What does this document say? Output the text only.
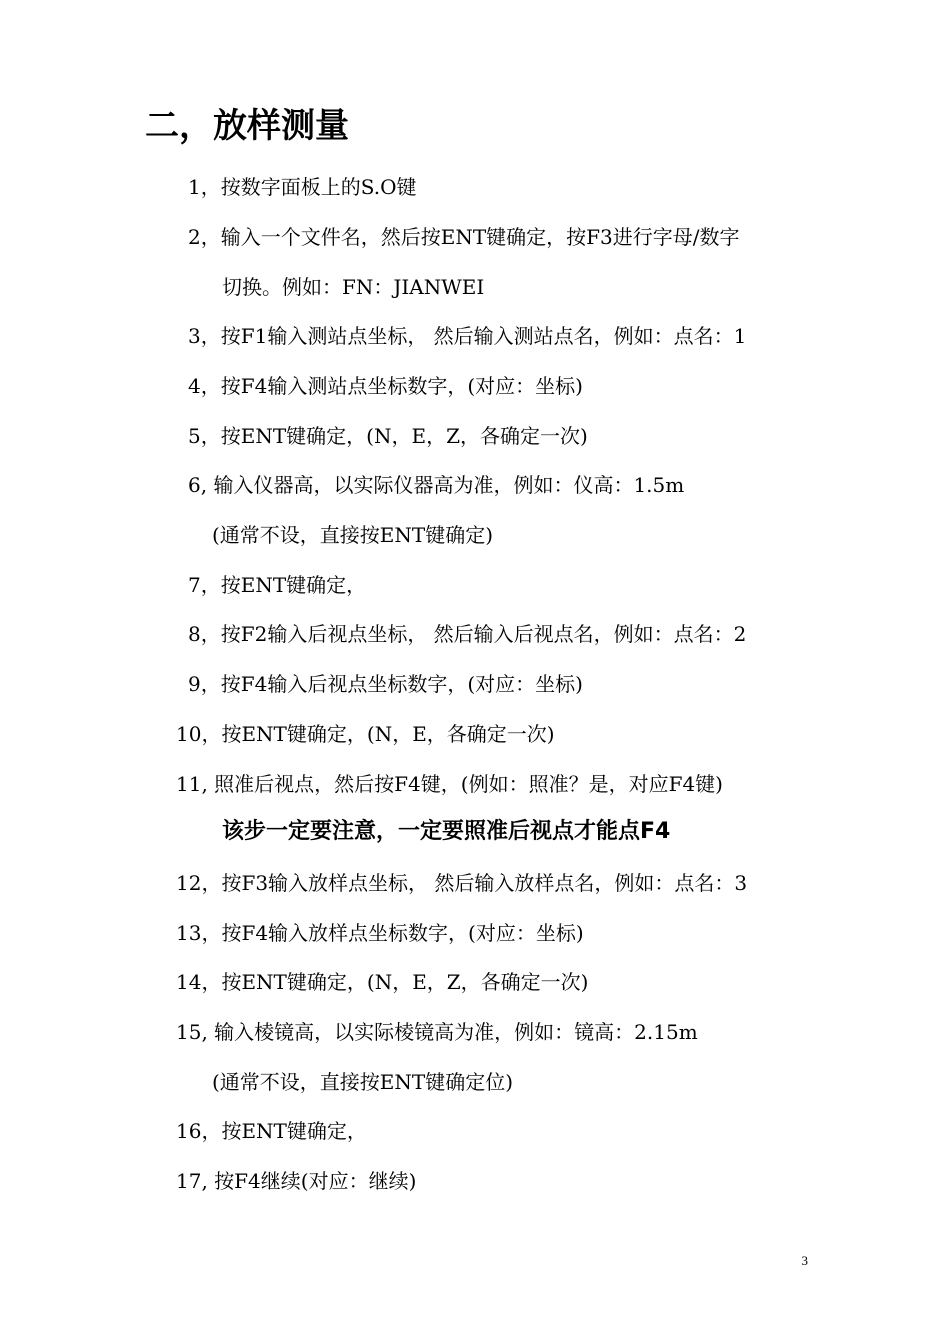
二，放样测量
1，按数字面板上的S.O键
2，输入一个文件名，然后按ENT键确定，按F3进行字母/数字
切换。例如：FN：JIANWEI
3，按F1输入测站点坐标， 然后输入测站点名，例如：点名：1
4，按F4输入测站点坐标数字，(对应：坐标)
5，按ENT键确定，(N，E，Z，各确定一次)
6, 输入仪器高，以实际仪器高为准，例如：仪高：1.5m
(通常不设，直接按ENT键确定)
7，按ENT键确定，
8，按F2输入后视点坐标， 然后输入后视点名，例如：点名：2
9，按F4输入后视点坐标数字，(对应：坐标)
10，按ENT键确定，(N，E，各确定一次)
11, 照准后视点，然后按F4键，(例如：照准？是，对应F4键)
该步一定要注意，一定要照准后视点才能点F4
12，按F3输入放样点坐标， 然后输入放样点名，例如：点名：3
13，按F4输入放样点坐标数字，(对应：坐标)
14，按ENT键确定，(N，E，Z，各确定一次)
15, 输入棱镜高，以实际棱镜高为准，例如：镜高：2.15m
(通常不设，直接按ENT键确定位)
16，按ENT键确定，
17, 按F4继续(对应：继续)
3
